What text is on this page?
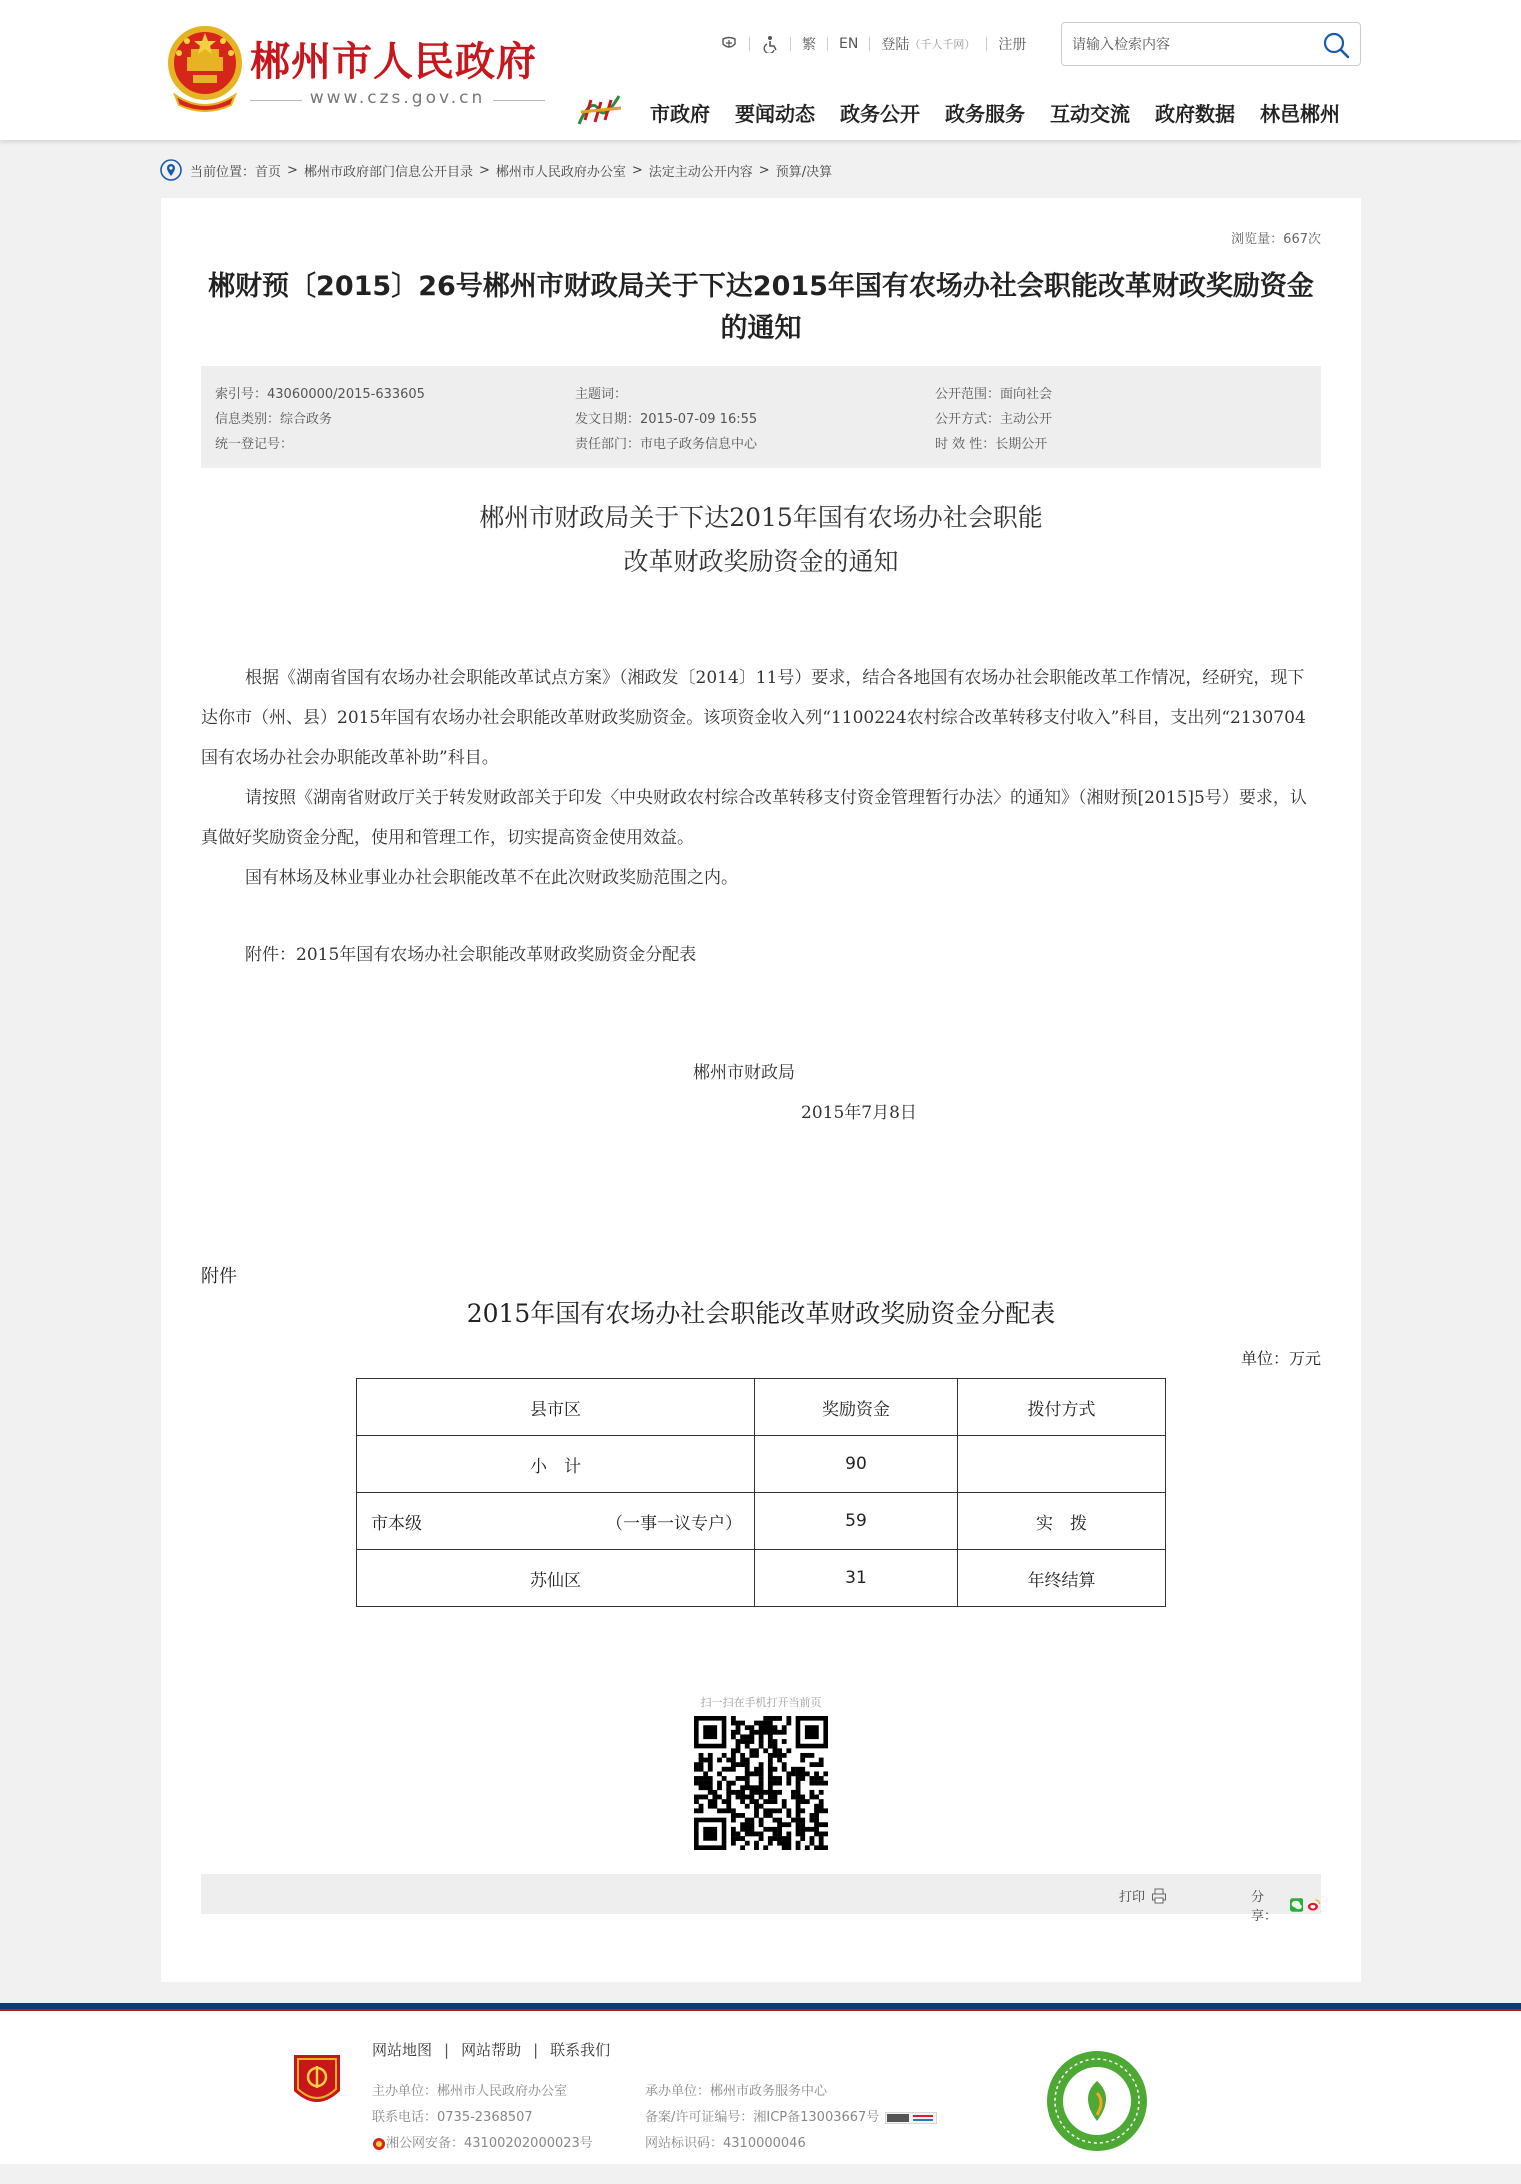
郴州市人民政府
www.czs.gov.cn
繁 EN 登陆 （千人千网） 注册
请输入检索内容
市政府 要闻动态 政务公开 政务服务 互动交流 政府数据 林邑郴州
当前位置： 首页 > 郴州市政府部门信息公开目录 > 郴州市人民政府办公室 > 法定主动公开内容 > 预算/决算
浏览量：667次
郴财预〔2015〕26号郴州市财政局关于下达2015年国有农场办社会职能改革财政奖励资金的通知
索引号：43060000/2015-633605
信息类别：综合政务
统一登记号：
主题词：
发文日期：2015-07-09 16:55
责任部门：市电子政务信息中心
公开范围：面向社会
公开方式：主动公开
时 效 性：长期公开
郴州市财政局关于下达2015年国有农场办社会职能
改革财政奖励资金的通知

根据《湖南省国有农场办社会职能改革试点方案》（湘政发〔2014〕11号）要求，结合各地国有农场办社会职能改革工作情况，经研究，现下达你市（州、县）2015年国有农场办社会职能改革财政奖励资金。该项资金收入列“1100224农村综合改革转移支付收入”科目，支出列“2130704国有农场办社会办职能改革补助”科目。

请按照《湖南省财政厅关于转发财政部关于印发〈中央财政农村综合改革转移支付资金管理暂行办法〉的通知》（湘财预[2015]5号）要求，认真做好奖励资金分配，使用和管理工作，切实提高资金使用效益。

国有林场及林业事业办社会职能改革不在此次财政奖励范围之内。

附件：2015年国有农场办社会职能改革财政奖励资金分配表
郴州市财政局
2015年7月8日
附件
2015年国有农场办社会职能改革财政奖励资金分配表
单位：万元
县市区	奖励资金	拨付方式
小　计	90	

市本级 （一事一议专户）	59	实　拨
苏仙区	31	年终结算
扫一扫在手机打开当前页
打印	分享：
网站地图 | 网站帮助 | 联系我们
主办单位：郴州市人民政府办公室
联系电话：0735-2368507
湘公网安备：43100202000023号
承办单位：郴州市政务服务中心
备案/许可证编号：湘ICP备13003667号
网站标识码：4310000046
